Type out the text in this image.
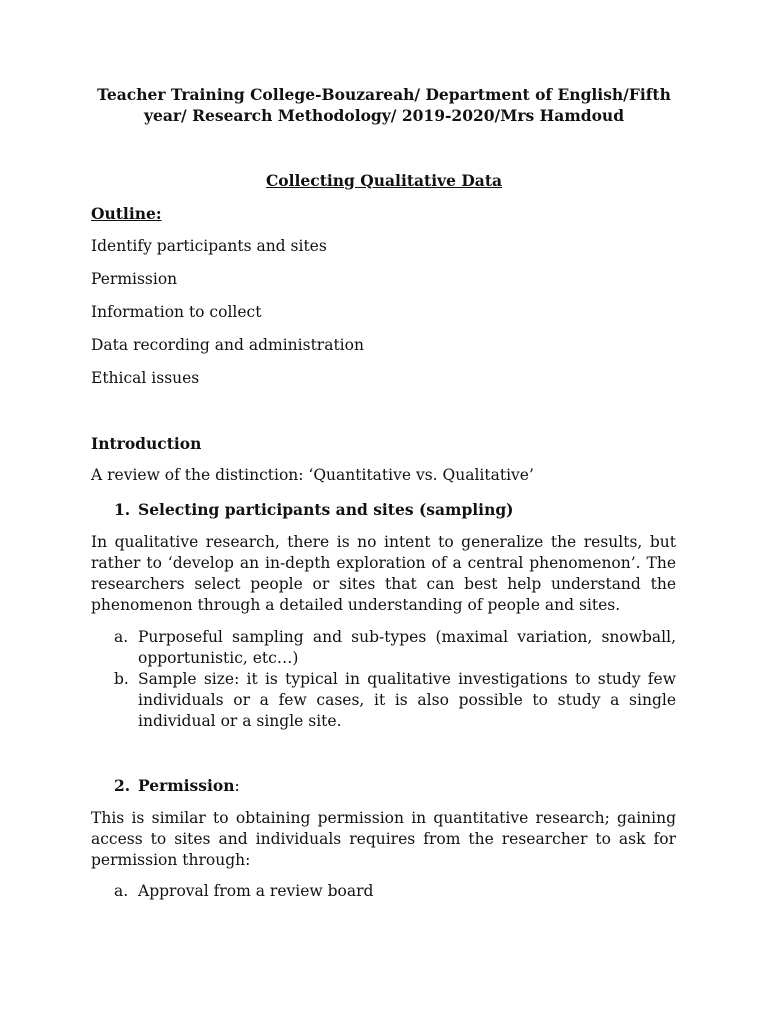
Teacher Training College-Bouzareah/ Department of English/Fifth
year/ Research Methodology/ 2019-2020/Mrs Hamdoud
Collecting Qualitative Data
Outline:
Identify participants and sites
Permission
Information to collect
Data recording and administration
Ethical issues
Introduction
A review of the distinction: ‘Quantitative vs. Qualitative’
1. Selecting participants and sites (sampling)
In qualitative research, there is no intent to generalize the results, but rather to ‘develop an in-depth exploration of a central phenomenon’. The researchers select people or sites that can best help understand the phenomenon through a detailed understanding of people and sites.
a. Purposeful sampling and sub-types (maximal variation, snowball, opportunistic, etc…)
b. Sample size: it is typical in qualitative investigations to study few individuals or a few cases, it is also possible to study a single individual or a single site.
2. Permission:
This is similar to obtaining permission in quantitative research; gaining access to sites and individuals requires from the researcher to ask for permission through:
a. Approval from a review board
